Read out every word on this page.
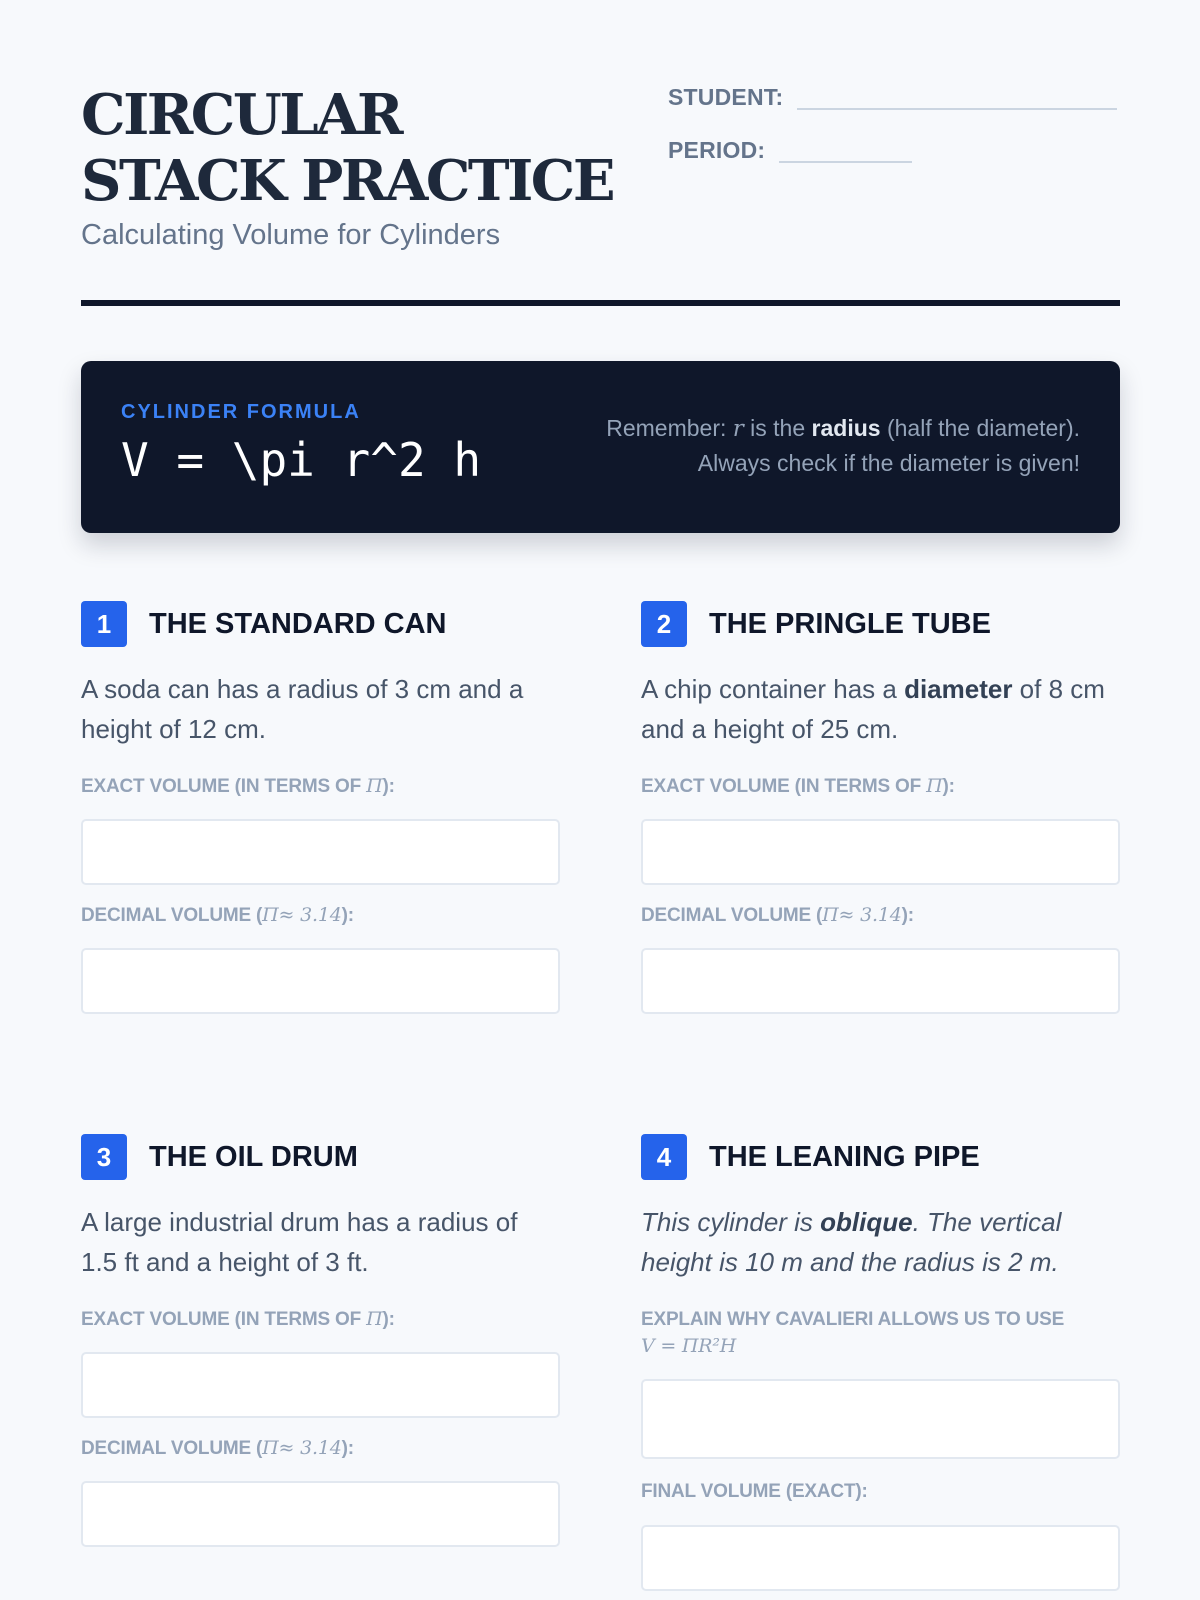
CIRCULAR STACK PRACTICE
Calculating Volume for Cylinders
STUDENT:
PERIOD:
CYLINDER FORMULA
V = \pi r^2 h
Remember: r is the radius (half the diameter).
Always check if the diameter is given!
1	THE STANDARD CAN
A soda can has a radius of 3 cm and a height of 12 cm.
EXACT VOLUME (IN TERMS OF Π):
DECIMAL VOLUME (Π≈ 3.14):
2	THE PRINGLE TUBE
A chip container has a diameter of 8 cm and a height of 25 cm.
EXACT VOLUME (IN TERMS OF Π):
DECIMAL VOLUME (Π≈ 3.14):
3	THE OIL DRUM
A large industrial drum has a radius of 1.5 ft and a height of 3 ft.
EXACT VOLUME (IN TERMS OF Π):
DECIMAL VOLUME (Π≈ 3.14):
4	THE LEANING PIPE
This cylinder is oblique. The vertical height is 10 m and the radius is 2 m.
EXPLAIN WHY CAVALIERI ALLOWS US TO USE
V = ΠR²H
FINAL VOLUME (EXACT):
